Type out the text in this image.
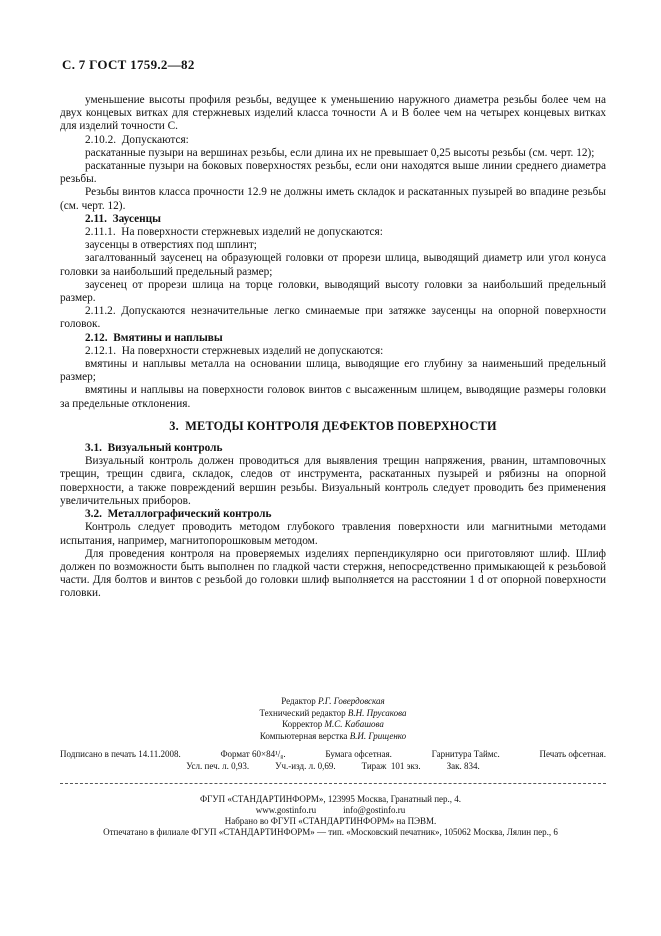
С. 7 ГОСТ 1759.2—82

уменьшение высоты профиля резьбы, ведущее к уменьшению наружного диаметра резьбы более чем на двух концевых витках для стержневых изделий класса точности А и В более чем на четырех концевых витках для изделий точности С.

2.10.2. Допускаются:

раскатанные пузыри на вершинах резьбы, если длина их не превышает 0,25 высоты резьбы (см. черт. 12);

раскатанные пузыри на боковых поверхностях резьбы, если они находятся выше линии среднего диаметра резьбы.

Резьбы винтов класса прочности 12.9 не должны иметь складок и раскатанных пузырей во впадине резьбы (см. черт. 12).

2.11. Заусенцы

2.11.1. На поверхности стержневых изделий не допускаются:

заусенцы в отверстиях под шплинт;

загалтованный заусенец на образующей головки от прорези шлица, выводящий диаметр или угол конуса головки за наибольший предельный размер;

заусенец от прорези шлица на торце головки, выводящий высоту головки за наибольший предельный размер.

2.11.2. Допускаются незначительные легко сминаемые при затяжке заусенцы на опорной поверхности головок.

2.12. Вмятины и наплывы

2.12.1. На поверхности стержневых изделий не допускаются:

вмятины и наплывы металла на основании шлица, выводящие его глубину за наименьший предельный размер;

вмятины и наплывы на поверхности головок винтов с высаженным шлицем, выводящие размеры головки за предельные отклонения.

3. МЕТОДЫ КОНТРОЛЯ ДЕФЕКТОВ ПОВЕРХНОСТИ

3.1. Визуальный контроль

Визуальный контроль должен проводиться для выявления трещин напряжения, рванин, штамповочных трещин, трещин сдвига, складок, следов от инструмента, раскатанных пузырей и рябизны на опорной поверхности, а также повреждений вершин резьбы. Визуальный контроль следует проводить без применения увеличительных приборов.

3.2. Металлографический контроль

Контроль следует проводить методом глубокого травления поверхности или магнитными методами испытания, например, магнитопорошковым методом.

Для проведения контроля на проверяемых изделиях перпендикулярно оси приготовляют шлиф. Шлиф должен по возможности быть выполнен по гладкой части стержня, непосредственно примыкающей к резьбовой части. Для болтов и винтов с резьбой до головки шлиф выполняется на расстоянии 1 d от опорной поверхности головки.

Редактор Р.Г. Говердовская
Технический редактор В.Н. Прусакова
Корректор М.С. Кабашова
Компьютерная верстка В.И. Грищенко
Подписано в печать 14.11.2008.	Формат 60×84¹/₈.	Бумага офсетная.	Гарнитура Таймс.	Печать офсетная.
Усл. печ. л. 0,93.	Уч.-изд. л. 0,69.	Тираж 101 экз.	Зак. 834.
ФГУП «СТАНДАРТИНФОРМ», 123995 Москва, Гранатный пер., 4.
www.gostinfo.ru   info@gostinfo.ru
Набрано во ФГУП «СТАНДАРТИНФОРМ» на ПЭВМ.
Отпечатано в филиале ФГУП «СТАНДАРТИНФОРМ» — тип. «Московский печатник», 105062 Москва, Лялин пер., 6
